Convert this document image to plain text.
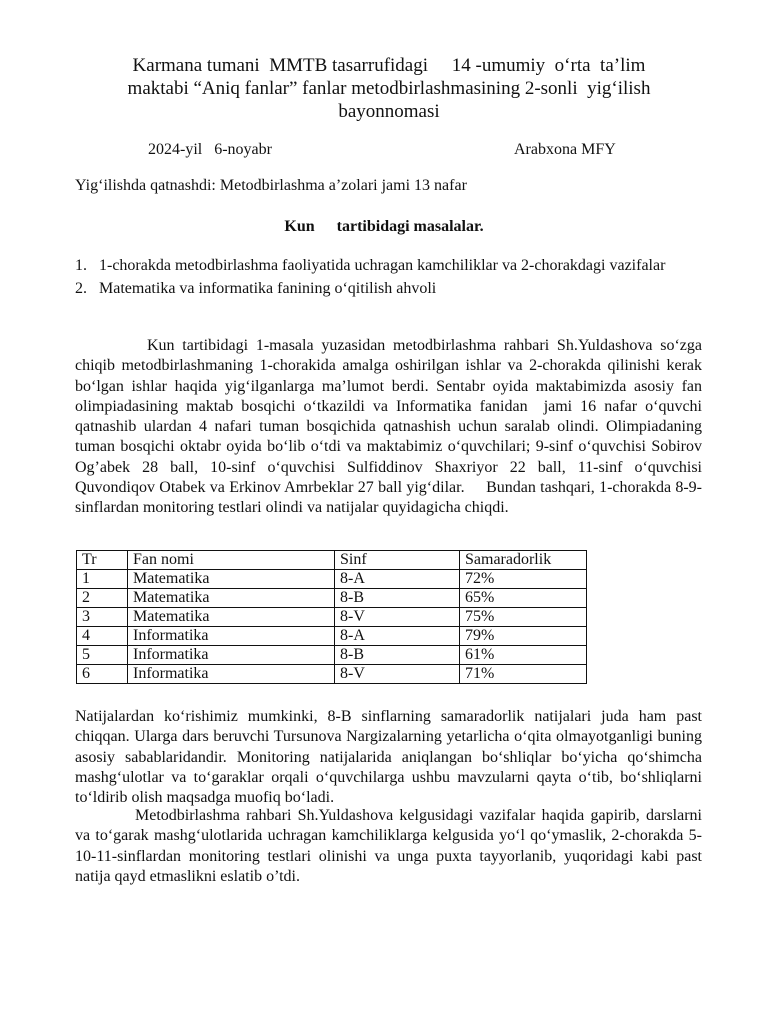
Karmana tumani  MMTB tasarrufidagi     14 -umumiy  o‘rta  ta’lim
maktabi “Aniq fanlar” fanlar metodbirlashmasining 2-sonli  yig‘ilish
bayonnomasi
2024-yil   6-noyabr	Arabxona MFY
Yig‘ilishda qatnashdi: Metodbirlashma a’zolari jami 13 nafar
Kun tartibidagi masalalar.
1. 1-chorakda metodbirlashma faoliyatida uchragan kamchiliklar va 2-chorakdagi vazifalar
2. Matematika va informatika fanining o‘qitilish ahvoli
Kun tartibidagi 1-masala yuzasidan metodbirlashma rahbari Sh.Yuldashova so‘zga chiqib metodbirlashmaning 1-chorakida amalga oshirilgan ishlar va 2-chorakda qilinishi kerak bo‘lgan ishlar haqida yig‘ilganlarga ma’lumot berdi. Sentabr oyida maktabimizda asosiy fan olimpiadasining maktab bosqichi o‘tkazildi va Informatika fanidan  jami 16 nafar o‘quvchi qatnashib ulardan 4 nafari tuman bosqichida qatnashish uchun saralab olindi. Olimpiadaning tuman bosqichi oktabr oyida bo‘lib o‘tdi va maktabimiz o‘quvchilari; 9-sinf o‘quvchisi Sobirov Og’abek 28 ball, 10-sinf o‘quvchisi Sulfiddinov Shaxriyor 22 ball, 11-sinf o‘quvchisi Quvondiqov Otabek va Erkinov Amrbeklar 27 ball yig‘dilar.     Bundan tashqari, 1-chorakda 8-9-sinflardan monitoring testlari olindi va natijalar quyidagicha chiqdi.
Tr	Fan nomi	Sinf	Samaradorlik
1	Matematika	8-A	72%
2	Matematika	8-B	65%
3	Matematika	8-V	75%
4	Informatika	8-A	79%
5	Informatika	8-B	61%
6	Informatika	8-V	71%
Natijalardan ko‘rishimiz mumkinki, 8-B sinflarning samaradorlik natijalari juda ham past chiqqan. Ularga dars beruvchi Tursunova Nargizalarning yetarlicha o‘qita olmayotganligi buning asosiy sabablaridandir. Monitoring natijalarida aniqlangan bo‘shliqlar bo‘yicha qo‘shimcha mashg‘ulotlar va to‘garaklar orqali o‘quvchilarga ushbu mavzularni qayta o‘tib, bo‘shliqlarni to‘ldirib olish maqsadga muofiq bo‘ladi.
Metodbirlashma rahbari Sh.Yuldashova kelgusidagi vazifalar haqida gapirib, darslarni va to‘garak mashg‘ulotlarida uchragan kamchiliklarga kelgusida yo‘l qo‘ymaslik, 2-chorakda 5-10-11-sinflardan monitoring testlari olinishi va unga puxta tayyorlanib, yuqoridagi kabi past natija qayd etmaslikni eslatib o’tdi.
